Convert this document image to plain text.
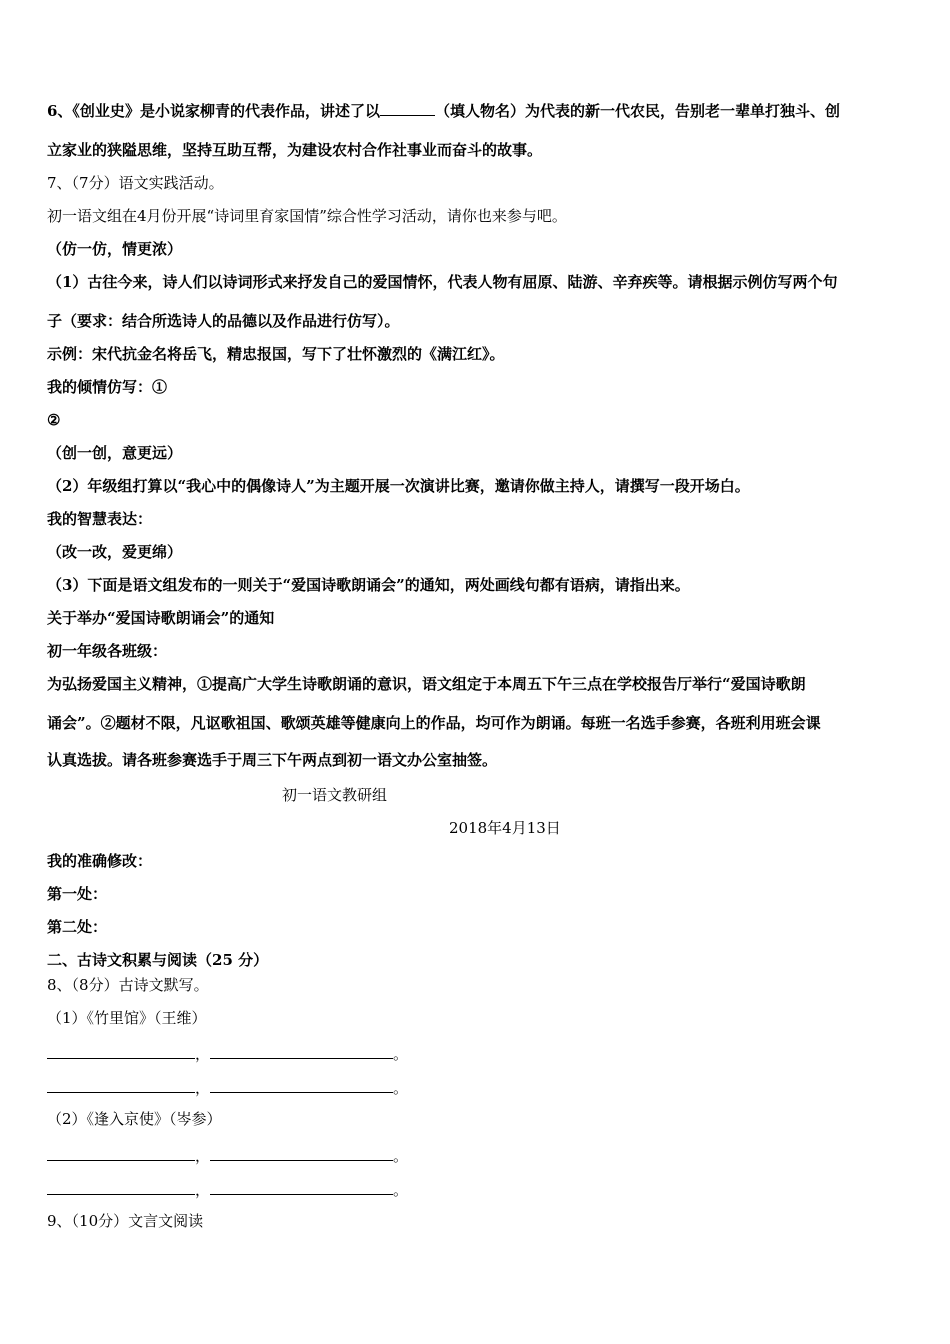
6、《创业史》是小说家柳青的代表作品，讲述了以	（填人物名）为代表的新一代农民，告别老一辈单打独斗、创
立家业的狭隘思维，坚持互助互帮，为建设农村合作社事业而奋斗的故事。
7、（7分）语文实践活动。
初一语文组在4月份开展“诗词里育家国情”综合性学习活动，请你也来参与吧。
（仿一仿，情更浓）
（1）古往今来，诗人们以诗词形式来抒发自己的爱国情怀，代表人物有屈原、陆游、辛弃疾等。请根据示例仿写两个句
子（要求：结合所选诗人的品德以及作品进行仿写）。
示例：宋代抗金名将岳飞，精忠报国，写下了壮怀激烈的《满江红》。
我的倾情仿写：①
②
（创一创，意更远）
（2）年级组打算以“我心中的偶像诗人”为主题开展一次演讲比赛，邀请你做主持人，请撰写一段开场白。
我的智慧表达：
（改一改，爱更绵）
（3）下面是语文组发布的一则关于“爱国诗歌朗诵会”的通知，两处画线句都有语病，请指出来。
关于举办“爱国诗歌朗诵会”的通知
初一年级各班级：
为弘扬爱国主义精神，①提高广大学生诗歌朗诵的意识，语文组定于本周五下午三点在学校报告厅举行“爱国诗歌朗
诵会”。②题材不限，凡讴歌祖国、歌颂英雄等健康向上的作品，均可作为朗诵。每班一名选手参赛，各班利用班会课
认真选拔。请各班参赛选手于周三下午两点到初一语文办公室抽签。
初一语文教研组
2018年4月13日
我的准确修改：
第一处：
第二处：
二、古诗文积累与阅读（25 分）
8、（8分）古诗文默写。
（1）《竹里馆》（王维）
，	。
，	。
（2）《逢入京使》（岑参）
，	。
，	。
9、（10分）文言文阅读
